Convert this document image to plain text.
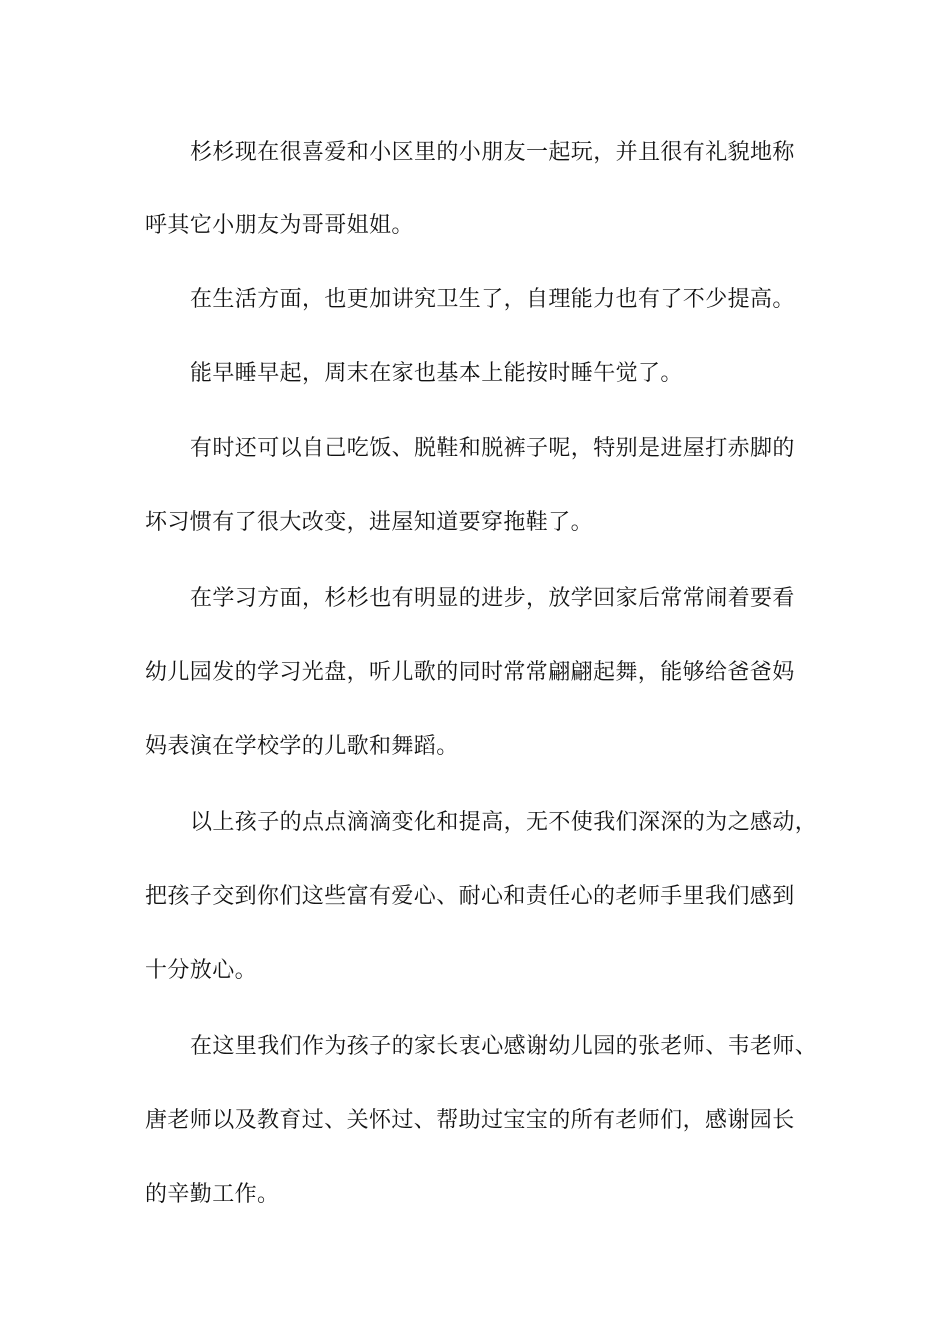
杉杉现在很喜爱和小区里的小朋友一起玩，并且很有礼貌地称
呼其它小朋友为哥哥姐姐。
在生活方面，也更加讲究卫生了，自理能力也有了不少提高。
能早睡早起，周末在家也基本上能按时睡午觉了。
有时还可以自己吃饭、脱鞋和脱裤子呢，特别是进屋打赤脚的
坏习惯有了很大改变，进屋知道要穿拖鞋了。
在学习方面，杉杉也有明显的进步，放学回家后常常闹着要看
幼儿园发的学习光盘，听儿歌的同时常常翩翩起舞，能够给爸爸妈
妈表演在学校学的儿歌和舞蹈。
以上孩子的点点滴滴变化和提高，无不使我们深深的为之感动，
把孩子交到你们这些富有爱心、耐心和责任心的老师手里我们感到
十分放心。
在这里我们作为孩子的家长衷心感谢幼儿园的张老师、韦老师、
唐老师以及教育过、关怀过、帮助过宝宝的所有老师们，感谢园长
的辛勤工作。
